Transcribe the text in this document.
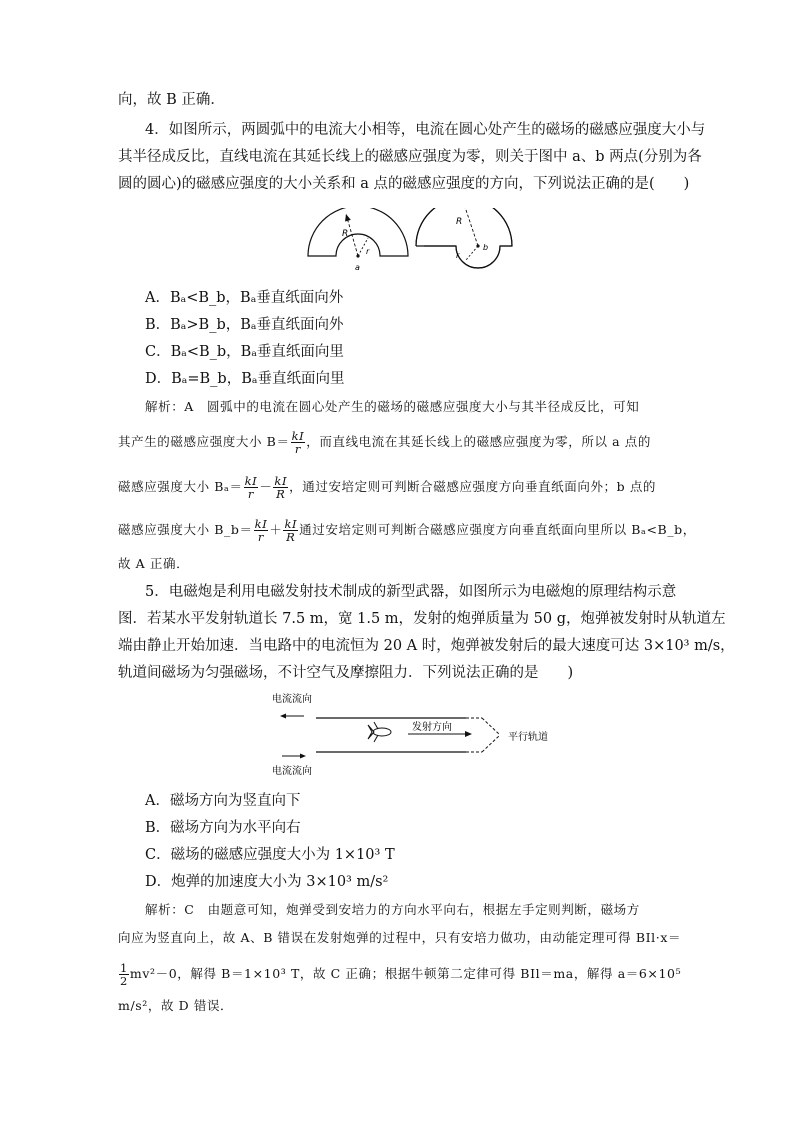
向，故 B 正确．
4．如图所示，两圆弧中的电流大小相等，电流在圆心处产生的磁场的磁感应强度大小与
其半径成反比，直线电流在其延长线上的磁感应强度为零，则关于图中 a、b 两点(分别为各
圆的圆心)的磁感应强度的大小关系和 a 点的磁感应强度的方向，下列说法正确的是(　　)
R
r
a
R
r
b
A．Bₐ<B_b，Bₐ垂直纸面向外
B．Bₐ>B_b，Bₐ垂直纸面向外
C．Bₐ<B_b，Bₐ垂直纸面向里
D．Bₐ=B_b，Bₐ垂直纸面向里
解析：A　圆弧中的电流在圆心处产生的磁场的磁感应强度大小与其半径成反比，可知
其产生的磁感应强度大小 $B= \frac{kI}{r}$ ，而直线电流在其延长线上的磁感应强度为零，所以 a 点的
磁感应强度大小 $B_a= \frac{kI}{r} - \frac{kI}{R}$ ，通过安培定则可判断合磁感应强度方向垂直纸面向外；b 点的
磁感应强度大小 B_b＝ $\frac{kI}{r} + \frac{kI}{R}$ 通过安培定则可判断合磁感应强度方向垂直纸面向里所以 Bₐ<B_b，
故 A 正确．
5．电磁炮是利用电磁发射技术制成的新型武器，如图所示为电磁炮的原理结构示意
图．若某水平发射轨道长 7.5 m，宽 1.5 m，发射的炮弹质量为 50 g，炮弹被发射时从轨道左
端由静止开始加速．当电路中的电流恒为 20 A 时，炮弹被发射后的最大速度可达 3×10³ m/s，
轨道间磁场为匀强磁场，不计空气及摩擦阻力．下列说法正确的是　　)
电流流向
发射方向
平行轨道
电流流向
A．磁场方向为竖直向下
B．磁场方向为水平向右
C．磁场的磁感应强度大小为 1×10³ T
D．炮弹的加速度大小为 3×10³ m/s²
解析：C　由题意可知，炮弹受到安培力的方向水平向右，根据左手定则判断，磁场方
向应为竖直向上，故 A、B 错误在发射炮弹的过程中，只有安培力做功，由动能定理可得 BIl·x＝
$\frac{1}{2} mv^2-0$，解得 B＝1×10³ T，故 C 正确；根据牛顿第二定律可得 BIl＝ma，解得 a＝6×10⁵
m/s²，故 D 错误．
